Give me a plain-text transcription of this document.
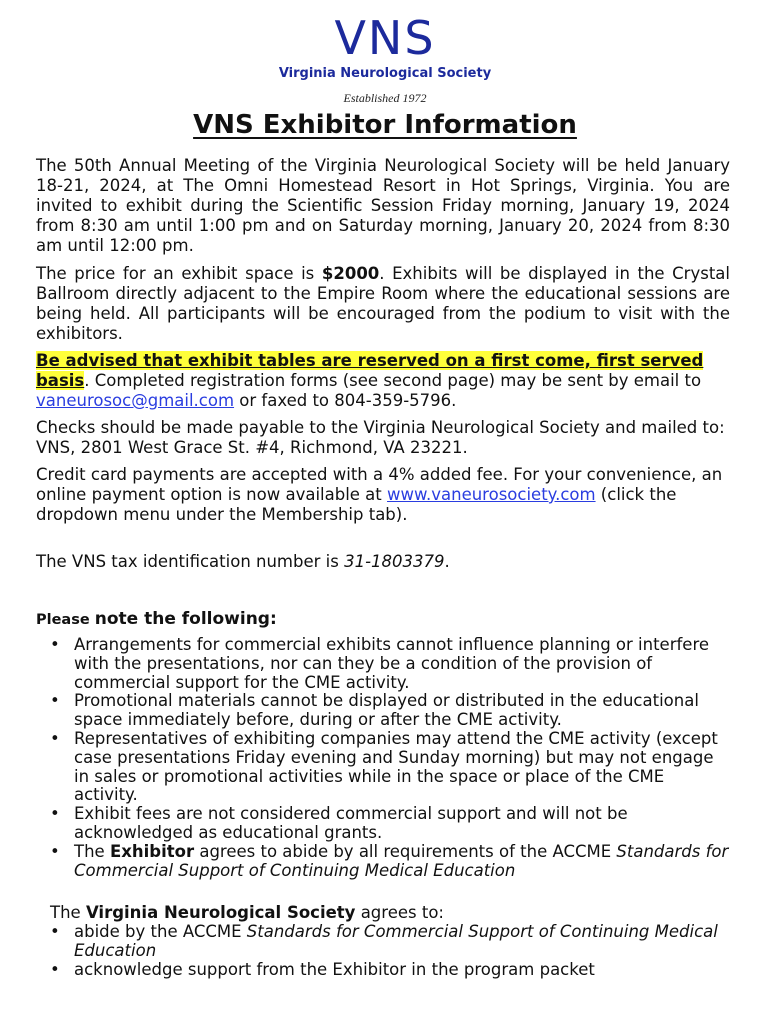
VNS
Virginia Neurological Society
Established 1972
VNS Exhibitor Information
The 50th Annual Meeting of the Virginia Neurological Society will be held January 18-21, 2024, at The Omni Homestead Resort in Hot Springs, Virginia. You are invited to exhibit during the Scientific Session Friday morning, January 19, 2024 from 8:30 am until 1:00 pm and on Saturday morning, January 20, 2024 from 8:30 am until 12:00 pm.
The price for an exhibit space is $2000. Exhibits will be displayed in the Crystal Ballroom directly adjacent to the Empire Room where the educational sessions are being held. All participants will be encouraged from the podium to visit with the exhibitors.
Be advised that exhibit tables are reserved on a first come, first served basis. Completed registration forms (see second page) may be sent by email to vaneurosoc@gmail.com or faxed to 804-359-5796.
Checks should be made payable to the Virginia Neurological Society and mailed to: VNS, 2801 West Grace St. #4, Richmond, VA 23221.
Credit card payments are accepted with a 4% added fee. For your convenience, an online payment option is now available at www.vaneurosociety.com (click the dropdown menu under the Membership tab).
The VNS tax identification number is 31-1803379.
Please note the following:
• Arrangements for commercial exhibits cannot influence planning or interfere with the presentations, nor can they be a condition of the provision of commercial support for the CME activity.
• Promotional materials cannot be displayed or distributed in the educational space immediately before, during or after the CME activity.
• Representatives of exhibiting companies may attend the CME activity (except case presentations Friday evening and Sunday morning) but may not engage in sales or promotional activities while in the space or place of the CME activity.
• Exhibit fees are not considered commercial support and will not be acknowledged as educational grants.
• The Exhibitor agrees to abide by all requirements of the ACCME Standards for Commercial Support of Continuing Medical Education
The Virginia Neurological Society agrees to:
• abide by the ACCME Standards for Commercial Support of Continuing Medical Education
• acknowledge support from the Exhibitor in the program packet
